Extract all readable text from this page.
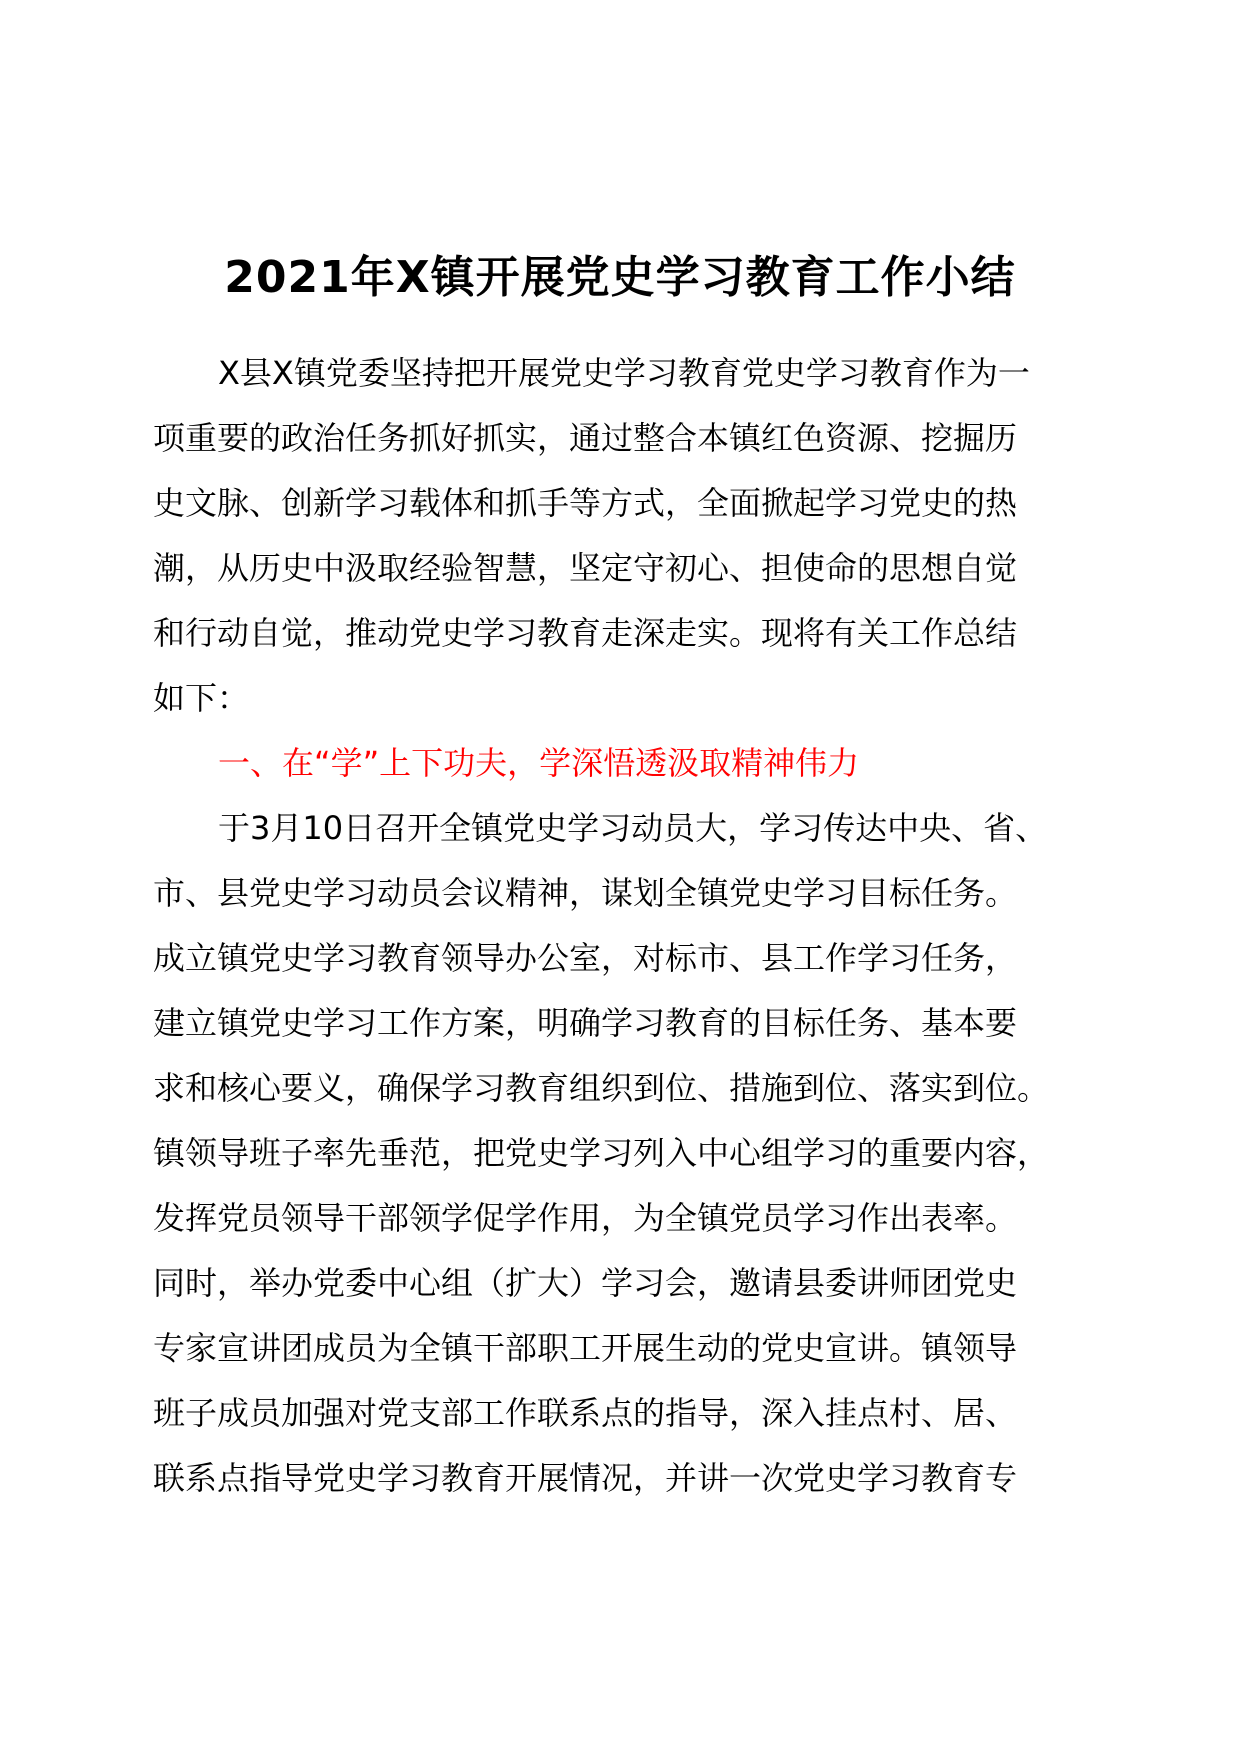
2021年X镇开展党史学习教育工作小结

X县X镇党委坚持把开展党史学习教育党史学习教育作为一

项重要的政治任务抓好抓实，通过整合本镇红色资源、挖掘历

史文脉、创新学习载体和抓手等方式，全面掀起学习党史的热

潮，从历史中汲取经验智慧，坚定守初心、担使命的思想自觉

和行动自觉，推动党史学习教育走深走实。现将有关工作总结

如下：

一、在“学”上下功夫，学深悟透汲取精神伟力

于3月10日召开全镇党史学习动员大，学习传达中央、省、

市、县党史学习动员会议精神，谋划全镇党史学习目标任务。

成立镇党史学习教育领导办公室，对标市、县工作学习任务，

建立镇党史学习工作方案，明确学习教育的目标任务、基本要

求和核心要义，确保学习教育组织到位、措施到位、落实到位。

镇领导班子率先垂范，把党史学习列入中心组学习的重要内容，

发挥党员领导干部领学促学作用，为全镇党员学习作出表率。

同时，举办党委中心组（扩大）学习会，邀请县委讲师团党史

专家宣讲团成员为全镇干部职工开展生动的党史宣讲。镇领导

班子成员加强对党支部工作联系点的指导，深入挂点村、居、

联系点指导党史学习教育开展情况，并讲一次党史学习教育专
